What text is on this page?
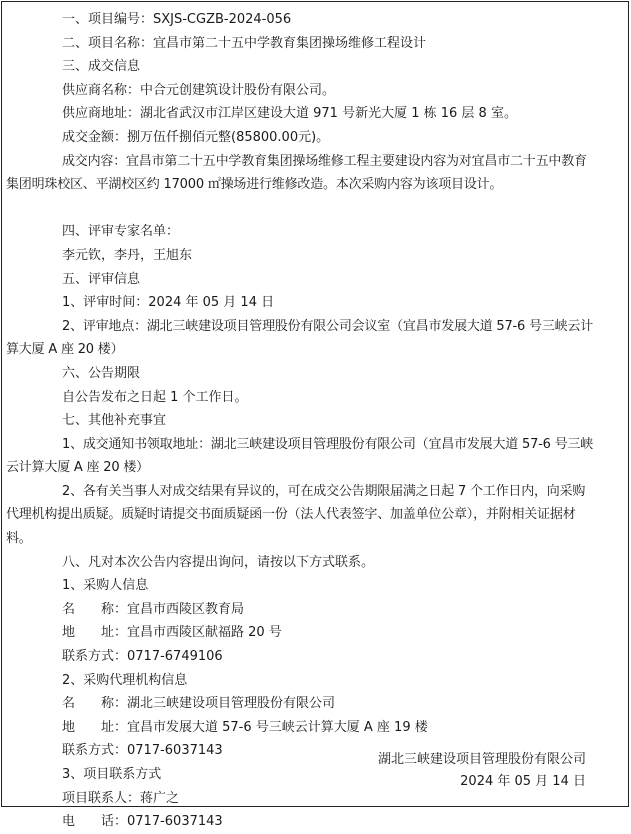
一、项目编号：SXJS-CGZB-2024-056
二、项目名称：宜昌市第二十五中学教育集团操场维修工程设计
三、成交信息
供应商名称：中合元创建筑设计股份有限公司。
供应商地址：湖北省武汉市江岸区建设大道 971 号新光大厦 1 栋 16 层 8 室。
成交金额：捌万伍仟捌佰元整(85800.00元)。
成交内容：宜昌市第二十五中学教育集团操场维修工程主要建设内容为对宜昌市二十五中教育集团明珠校区、平湖校区约 17000 ㎡操场进行维修改造。本次采购内容为该项目设计。
四、评审专家名单：
李元钦，李丹，王旭东
五、评审信息
1、评审时间：2024 年 05 月 14 日
2、评审地点：湖北三峡建设项目管理股份有限公司会议室（宜昌市发展大道 57-6 号三峡云计算大厦 A 座 20 楼）
六、公告期限
自公告发布之日起 1 个工作日。
七、其他补充事宜
1、成交通知书领取地址：湖北三峡建设项目管理股份有限公司（宜昌市发展大道 57-6 号三峡云计算大厦 A 座 20 楼）
2、各有关当事人对成交结果有异议的，可在成交公告期限届满之日起 7 个工作日内，向采购代理机构提出质疑。质疑时请提交书面质疑函一份（法人代表签字、加盖单位公章），并附相关证据材料。
八、凡对本次公告内容提出询问，请按以下方式联系。
1、采购人信息
名　　称：宜昌市西陵区教育局
地　　址：宜昌市西陵区献福路 20 号
联系方式：0717-6749106
2、采购代理机构信息
名　　称：湖北三峡建设项目管理股份有限公司
地　　址：宜昌市发展大道 57-6 号三峡云计算大厦 A 座 19 楼
联系方式：0717-6037143
3、项目联系方式
项目联系人：蒋广之
电　　话：0717-6037143
湖北三峡建设项目管理股份有限公司
2024 年 05 月 14 日
